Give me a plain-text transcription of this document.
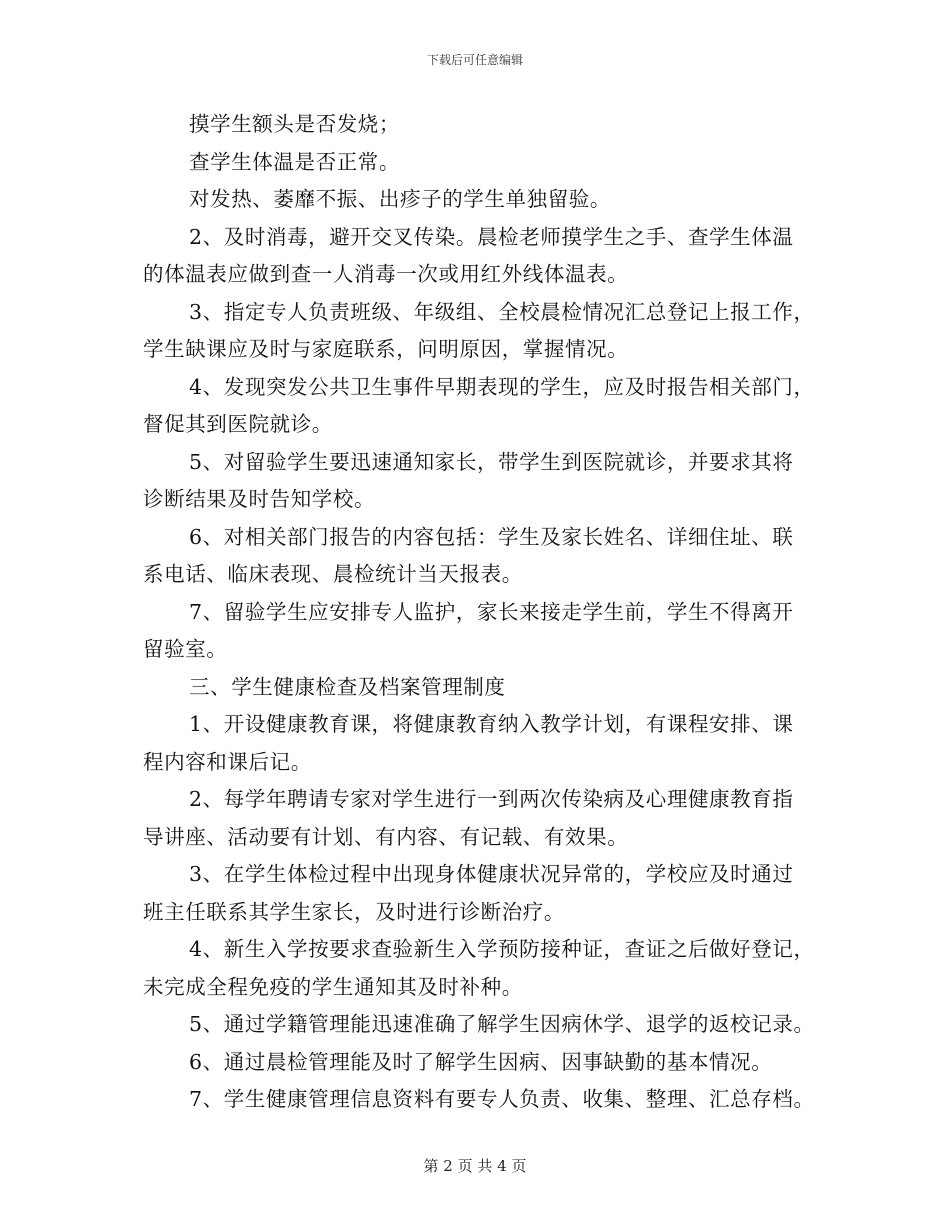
下载后可任意编辑

摸学生额头是否发烧；

查学生体温是否正常。

对发热、萎靡不振、出疹子的学生单独留验。

2、及时消毒，避开交叉传染。晨检老师摸学生之手、查学生体温
的体温表应做到查一人消毒一次或用红外线体温表。

3、指定专人负责班级、年级组、全校晨检情况汇总登记上报工作，
学生缺课应及时与家庭联系，问明原因，掌握情况。

4、发现突发公共卫生事件早期表现的学生，应及时报告相关部门，
督促其到医院就诊。

5、对留验学生要迅速通知家长，带学生到医院就诊，并要求其将
诊断结果及时告知学校。

6、对相关部门报告的内容包括：学生及家长姓名、详细住址、联
系电话、临床表现、晨检统计当天报表。

7、留验学生应安排专人监护，家长来接走学生前，学生不得离开
留验室。

三、学生健康检查及档案管理制度

1、开设健康教育课，将健康教育纳入教学计划，有课程安排、课
程内容和课后记。

2、每学年聘请专家对学生进行一到两次传染病及心理健康教育指
导讲座、活动要有计划、有内容、有记载、有效果。

3、在学生体检过程中出现身体健康状况异常的，学校应及时通过
班主任联系其学生家长，及时进行诊断治疗。

4、新生入学按要求查验新生入学预防接种证，查证之后做好登记，
未完成全程免疫的学生通知其及时补种。

5、通过学籍管理能迅速准确了解学生因病休学、退学的返校记录。

6、通过晨检管理能及时了解学生因病、因事缺勤的基本情况。

7、学生健康管理信息资料有要专人负责、收集、整理、汇总存档。

第 2 页 共 4 页
